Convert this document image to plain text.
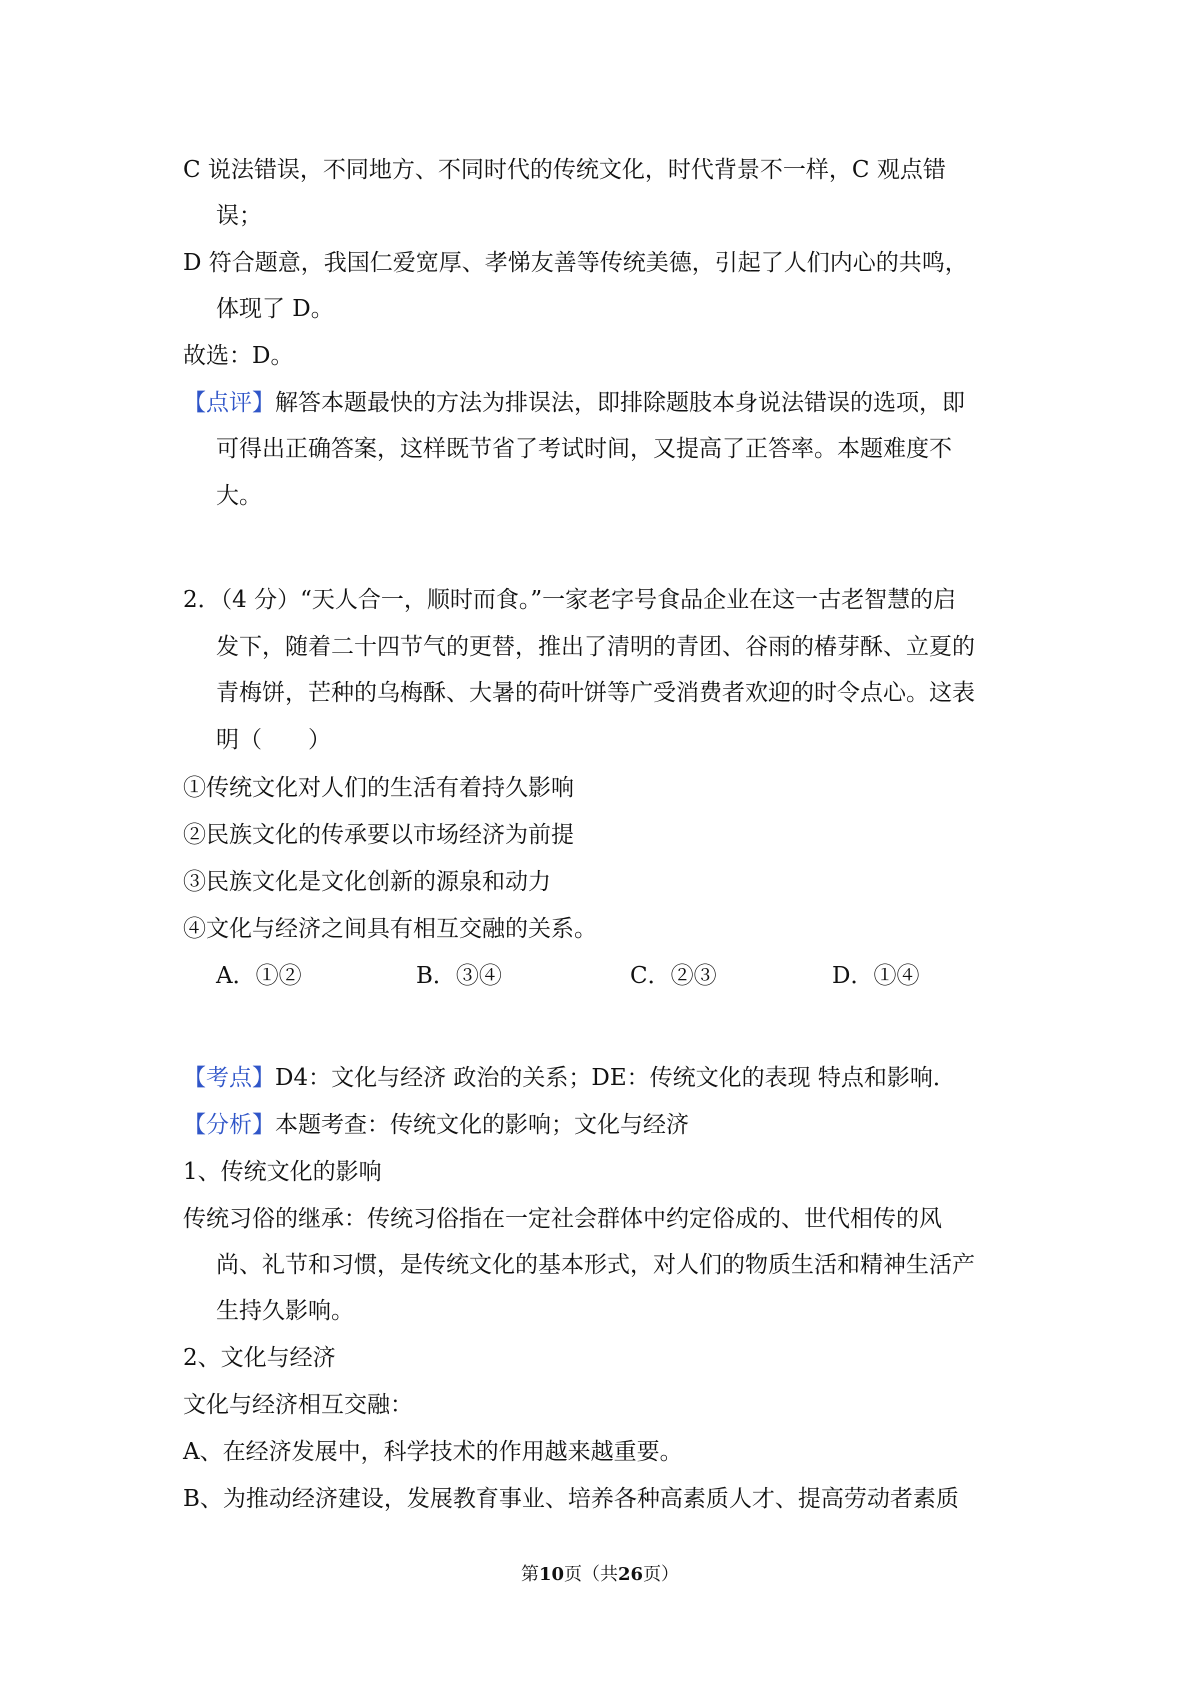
C 说法错误，不同地方、不同时代的传统文化，时代背景不一样，C 观点错
误；
D 符合题意，我国仁爱宽厚、孝悌友善等传统美德，引起了人们内心的共鸣，
体现了 D。
故选：D。
【点评】解答本题最快的方法为排误法，即排除题肢本身说法错误的选项，即
可得出正确答案，这样既节省了考试时间，又提高了正答率。本题难度不
大。
2．（4 分）“天人合一，顺时而食。”一家老字号食品企业在这一古老智慧的启
发下，随着二十四节气的更替，推出了清明的青团、谷雨的椿芽酥、立夏的
青梅饼，芒种的乌梅酥、大暑的荷叶饼等广受消费者欢迎的时令点心。这表
明（　　）
①传统文化对人们的生活有着持久影响
②民族文化的传承要以市场经济为前提
③民族文化是文化创新的源泉和动力
④文化与经济之间具有相互交融的关系。
A．①②	B．③④	C．②③	D．①④
【考点】D4：文化与经济 政治的关系；DE：传统文化的表现 特点和影响．
【分析】本题考查：传统文化的影响；文化与经济
1、传统文化的影响
传统习俗的继承：传统习俗指在一定社会群体中约定俗成的、世代相传的风
尚、礼节和习惯，是传统文化的基本形式，对人们的物质生活和精神生活产
生持久影响。
2、文化与经济
文化与经济相互交融：
A、在经济发展中，科学技术的作用越来越重要。
B、为推动经济建设，发展教育事业、培养各种高素质人才、提高劳动者素质
第10页（共26页）
